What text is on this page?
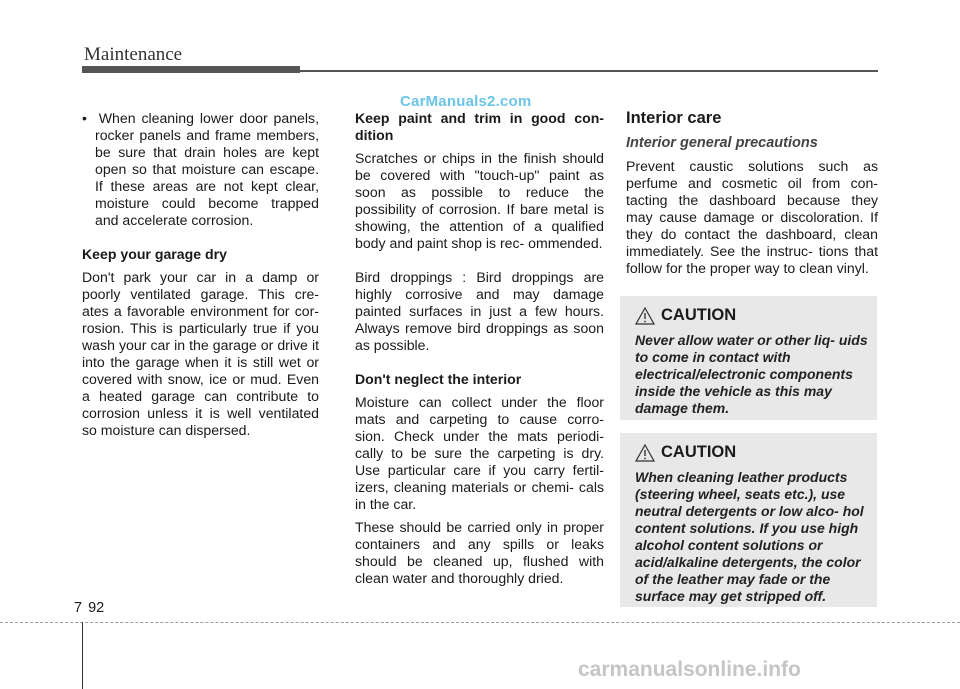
Maintenance
CarManuals2.com

•  When cleaning lower door panels, rocker panels and frame members, be sure that drain holes are kept open so that moisture can escape. If these areas are not kept clear, moisture could become trapped and accelerate corrosion.

Keep your garage dry

Don't park your car in a damp or poorly ventilated garage. This cre- ates a favorable environment for cor- rosion. This is particularly true if you wash your car in the garage or drive it into the garage when it is still wet or covered with snow, ice or mud. Even a heated garage can contribute to corrosion unless it is well ventilated so moisture can dispersed.

Keep paint and trim in good con- dition

Scratches or chips in the finish should be covered with "touch-up" paint as soon as possible to reduce the possibility of corrosion. If bare metal is showing, the attention of a qualified body and paint shop is rec- ommended.

Bird droppings : Bird droppings are highly corrosive and may damage painted surfaces in just a few hours. Always remove bird droppings as soon as possible.

Don't neglect the interior

Moisture can collect under the floor mats and carpeting to cause corro- sion. Check under the mats periodi- cally to be sure the carpeting is dry. Use particular care if you carry fertil- izers, cleaning materials or chemi- cals in the car.

These should be carried only in proper containers and any spills or leaks should be cleaned up, flushed with clean water and thoroughly dried.

Interior care

Interior general precautions

Prevent caustic solutions such as perfume and cosmetic oil from con- tacting the dashboard because they may cause damage or discoloration. If they do contact the dashboard, clean immediately. See the instruc- tions that follow for the proper way to clean vinyl.

CAUTION
Never allow water or other liq- uids to come in contact with electrical/electronic components inside the vehicle as this may damage them.
CAUTION
When cleaning leather products (steering wheel, seats etc.), use neutral detergents or low alco- hol content solutions. If you use high alcohol content solutions or acid/alkaline detergents, the color of the leather may fade or the surface may get stripped off.
7 92
carmanualsonline.info
